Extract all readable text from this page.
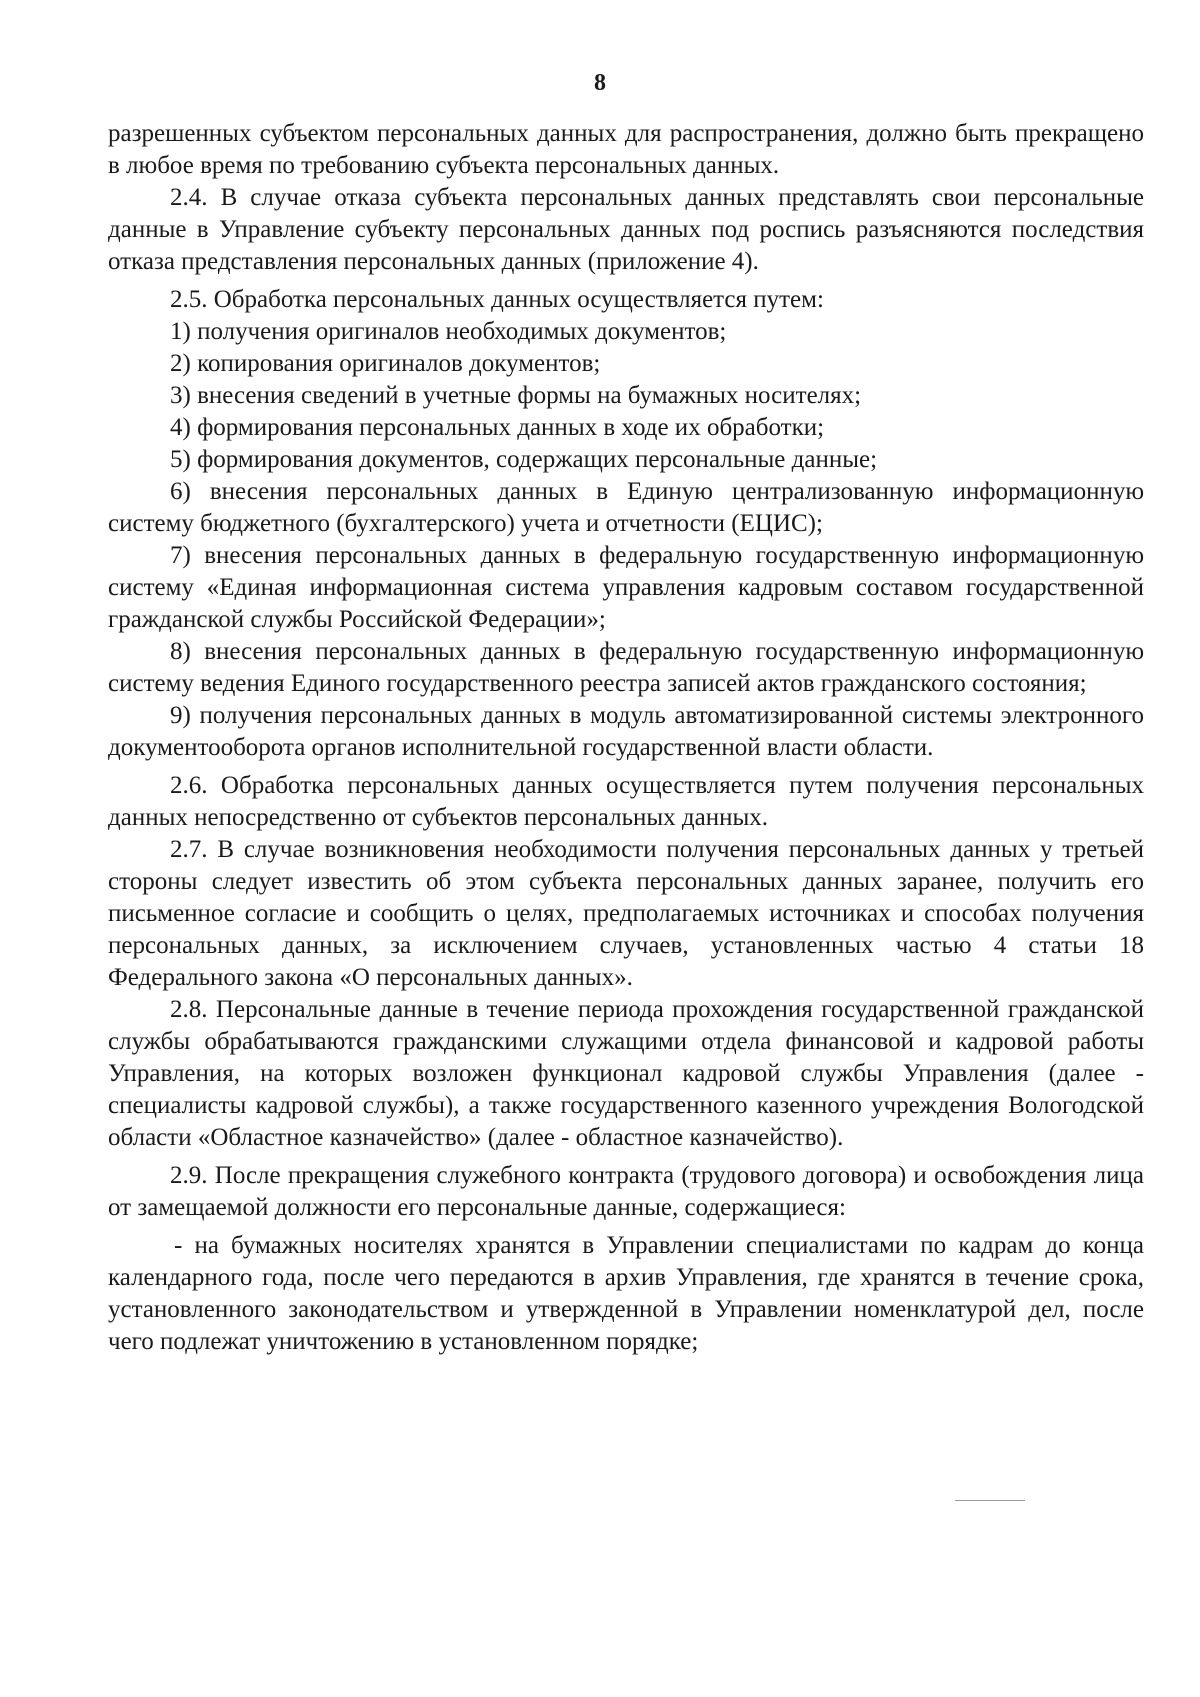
8

разрешенных субъектом персональных данных для распространения, должно быть прекращено в любое время по требованию субъекта персональных данных.

2.4. В случае отказа субъекта персональных данных представлять свои персональные данные в Управление субъекту персональных данных под роспись разъясняются последствия отказа представления персональных данных (приложение 4).

2.5. Обработка персональных данных осуществляется путем:

1) получения оригиналов необходимых документов;

2) копирования оригиналов документов;

3) внесения сведений в учетные формы на бумажных носителях;

4) формирования персональных данных в ходе их обработки;

5) формирования документов, содержащих персональные данные;

6) внесения персональных данных в Единую централизованную информационную систему бюджетного (бухгалтерского) учета и отчетности (ЕЦИС);

7) внесения персональных данных в федеральную государственную информационную систему «Единая информационная система управления кадровым составом государственной гражданской службы Российской Федерации»;

8) внесения персональных данных в федеральную государственную информационную систему ведения Единого государственного реестра записей актов гражданского состояния;

9) получения персональных данных в модуль автоматизированной системы электронного документооборота органов исполнительной государственной власти области.

2.6. Обработка персональных данных осуществляется путем получения персональных данных непосредственно от субъектов персональных данных.

2.7. В случае возникновения необходимости получения персональных данных у третьей стороны следует известить об этом субъекта персональных данных заранее, получить его письменное согласие и сообщить о целях, предполагаемых источниках и способах получения персональных данных, за исключением случаев, установленных частью 4 статьи 18 Федерального закона «О персональных данных».

2.8. Персональные данные в течение периода прохождения государственной гражданской службы обрабатываются гражданскими служащими отдела финансовой и кадровой работы Управления, на которых возложен функционал кадровой службы Управления (далее - специалисты кадровой службы), а также государственного казенного учреждения Вологодской области «Областное казначейство» (далее - областное казначейство).

2.9. После прекращения служебного контракта (трудового договора) и освобождения лица от замещаемой должности его персональные данные, содержащиеся:

- на бумажных носителях хранятся в Управлении специалистами по кадрам до конца календарного года, после чего передаются в архив Управления, где хранятся в течение срока, установленного законодательством и утвержденной в Управлении номенклатурой дел, после чего подлежат уничтожению в установленном порядке;
